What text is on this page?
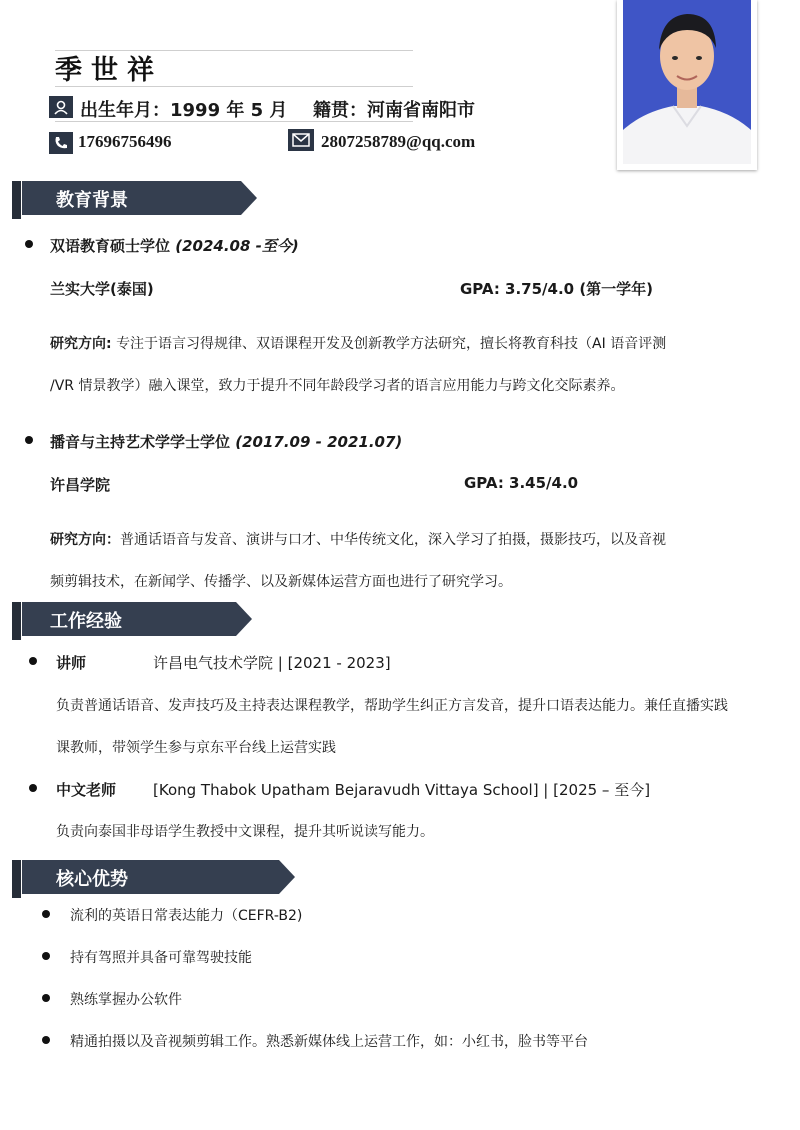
季世祥
出生年月：1999 年 5 月 籍贯：河南省南阳市
17696756496	2807258789@qq.com
教育背景
双语教育硕士学位 (2024.08 -至今)
兰实大学(泰国)	GPA: 3.75/4.0 (第一学年)
研究方向: 专注于语言习得规律、双语课程开发及创新教学方法研究，擅长将教育科技（AI 语音评测
/VR 情景教学）融入课堂，致力于提升不同年龄段学习者的语言应用能力与跨文化交际素养。
播音与主持艺术学学士学位 (2017.09 - 2021.07)
许昌学院	GPA: 3.45/4.0
研究方向：普通话语音与发音、演讲与口才、中华传统文化，深入学习了拍摄，摄影技巧，以及音视
频剪辑技术，在新闻学、传播学、以及新媒体运营方面也进行了研究学习。
工作经验
讲师	许昌电气技术学院 | [2021 - 2023]
负责普通话语音、发声技巧及主持表达课程教学，帮助学生纠正方言发音，提升口语表达能力。兼任直播实践
课教师，带领学生参与京东平台线上运营实践
中文老师 [Kong Thabok Upatham Bejaravudh Vittaya School] | [2025 – 至今]
负责向泰国非母语学生教授中文课程，提升其听说读写能力。
核心优势
流利的英语日常表达能力（CEFR-B2)
持有驾照并具备可靠驾驶技能
熟练掌握办公软件
精通拍摄以及音视频剪辑工作。熟悉新媒体线上运营工作，如：小红书，脸书等平台
